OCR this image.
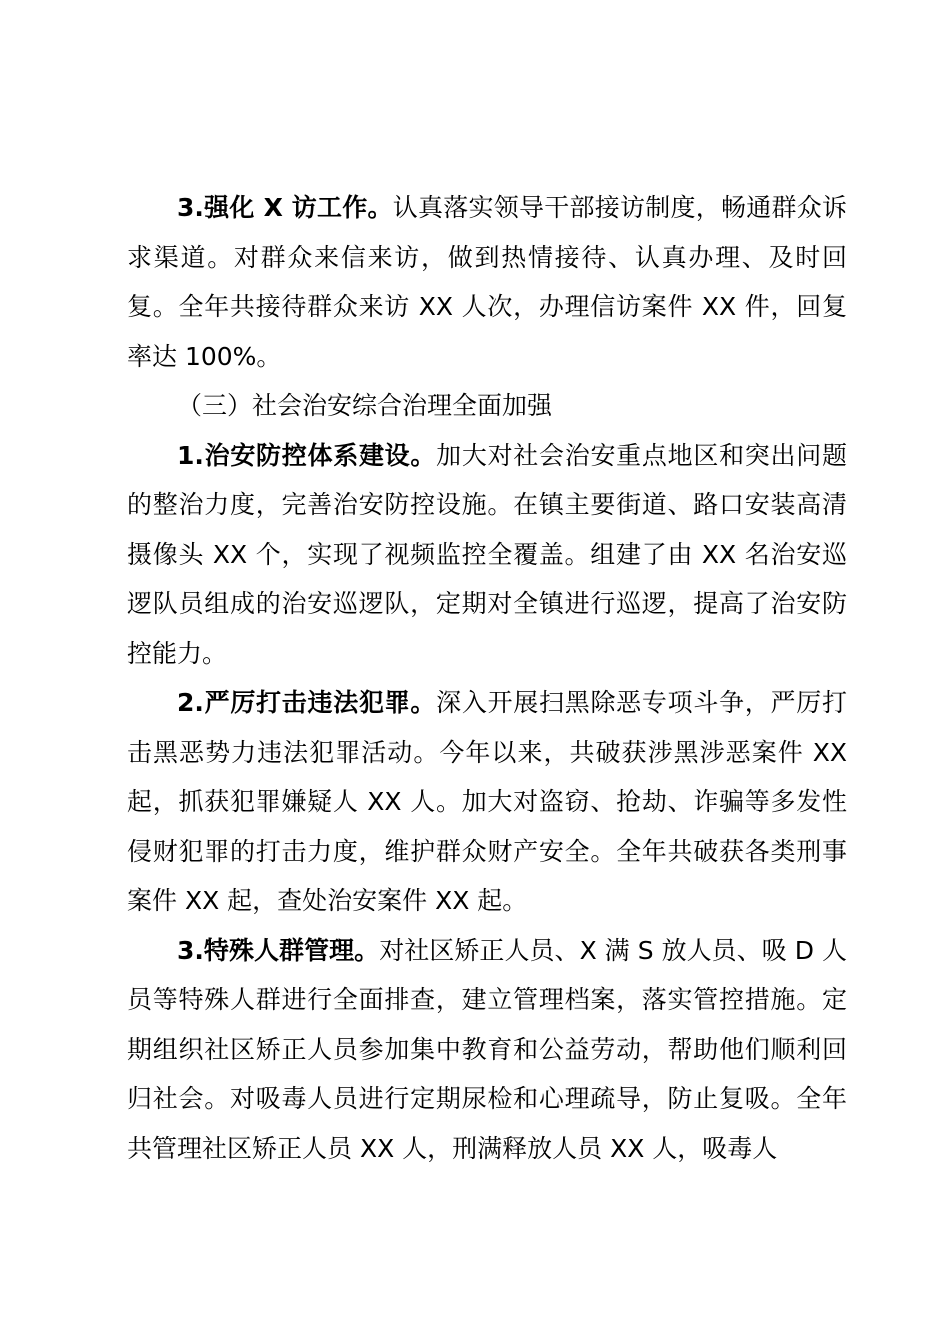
3.强化 X 访工作。认真落实领导干部接访制度，畅通群众诉求渠道。对群众来信来访，做到热情接待、认真办理、及时回复。全年共接待群众来访 XX 人次，办理信访案件 XX 件，回复率达 100%。

（三）社会治安综合治理全面加强

1.治安防控体系建设。加大对社会治安重点地区和突出问题的整治力度，完善治安防控设施。在镇主要街道、路口安装高清摄像头 XX 个，实现了视频监控全覆盖。组建了由 XX 名治安巡逻队员组成的治安巡逻队，定期对全镇进行巡逻，提高了治安防控能力。

2.严厉打击违法犯罪。深入开展扫黑除恶专项斗争，严厉打击黑恶势力违法犯罪活动。今年以来，共破获涉黑涉恶案件 XX 起，抓获犯罪嫌疑人 XX 人。加大对盗窃、抢劫、诈骗等多发性侵财犯罪的打击力度，维护群众财产安全。全年共破获各类刑事案件 XX 起，查处治安案件 XX 起。

3.特殊人群管理。对社区矫正人员、X 满 S 放人员、吸 D 人员等特殊人群进行全面排查，建立管理档案，落实管控措施。定期组织社区矫正人员参加集中教育和公益劳动，帮助他们顺利回归社会。对吸毒人员进行定期尿检和心理疏导，防止复吸。全年共管理社区矫正人员 XX 人，刑满释放人员 XX 人，吸毒人
